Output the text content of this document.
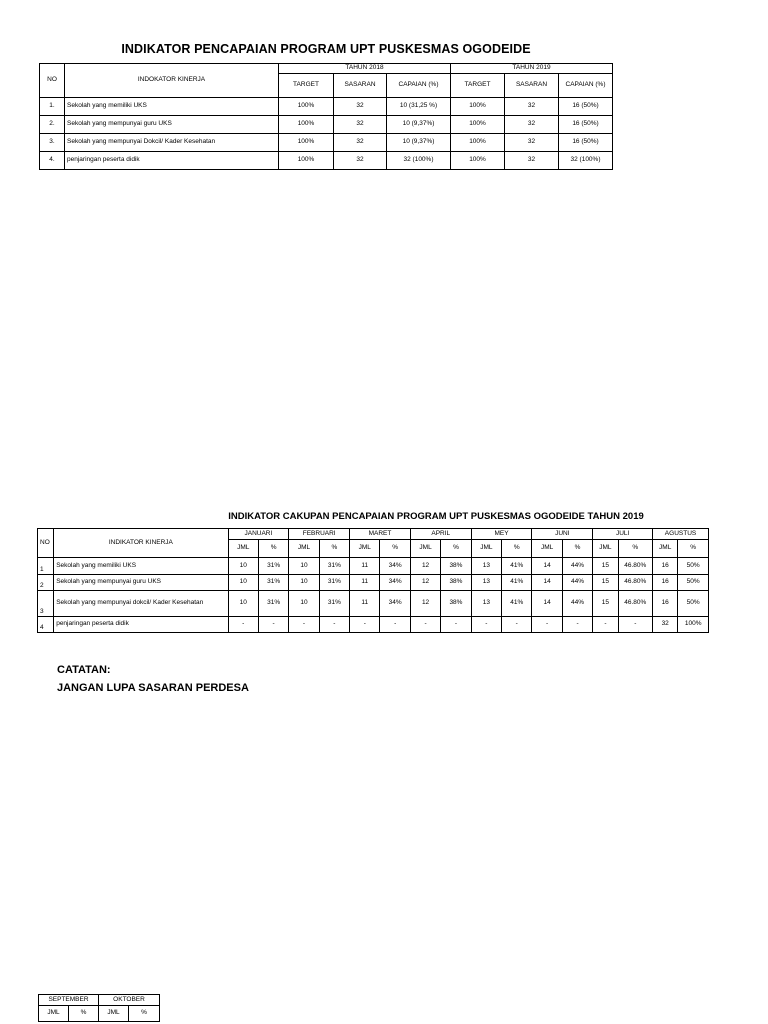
INDIKATOR PENCAPAIAN PROGRAM UPT PUSKESMAS OGODEIDE
NO	INDOKATOR KINERJA	TAHUN 2018			TAHUN 2019		
		TARGET	SASARAN	CAPAIAN (%)	TARGET	SASARAN	CAPAIAN (%)
1.	Sekolah yang memiliki UKS	100%	32	10 (31,25 %)	100%	32	16 (50%)
2.	Sekolah yang mempunyai guru UKS	100%	32	10 (9,37%)	100%	32	16 (50%)
3.	Sekolah yang mempunyai Dokcil/ Kader Kesehatan	100%	32	10 (9,37%)	100%	32	16 (50%)
4.	penjaringan peserta didik	100%	32	32 (100%)	100%	32	32 (100%)
INDIKATOR CAKUPAN PENCAPAIAN PROGRAM UPT PUSKESMAS OGODEIDE TAHUN 2019
NO	INDIKATOR KINERJA	JANUARI		FEBRUARI		MARET		APRIL		MEY		JUNI		JULI		AGUSTUS	
		JML	%	JML	%	JML	%	JML	%	JML	%	JML	%	JML	%	JML	%
1	Sekolah yang memiliki UKS	10	31%	10	31%	11	34%	12	38%	13	41%	14	44%	15	46.80%	16	50%
2	Sekolah yang mempunyai guru UKS	10	31%	10	31%	11	34%	12	38%	13	41%	14	44%	15	46.80%	16	50%
3	Sekolah yang mempunyai dokcil/ Kader Kesehatan	10	31%	10	31%	11	34%	12	38%	13	41%	14	44%	15	46.80%	16	50%
4	penjaringan peserta didik	-	-	-	-	-	-	-	-	-	-	-	-	-	-	32	100%
CATATAN:
JANGAN LUPA SASARAN PERDESA
SEPTEMBER		OKTOBER	
JML	%	JML	%
